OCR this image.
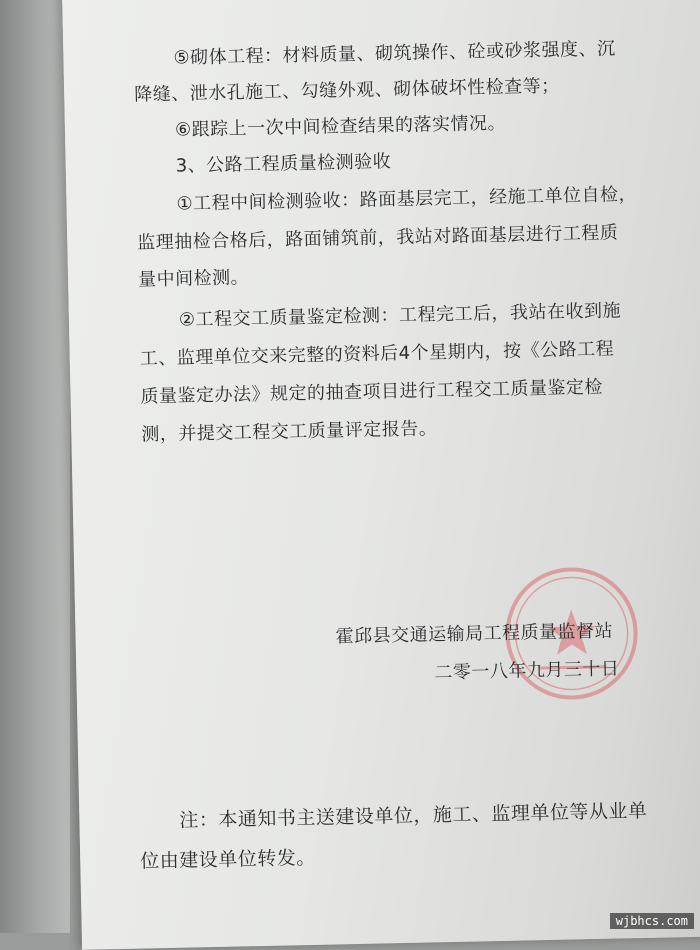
⑤砌体工程：材料质量、砌筑操作、砼或砂浆强度、沉
降缝、泄水孔施工、勾缝外观、砌体破坏性检查等；
⑥跟踪上一次中间检查结果的落实情况。
3、公路工程质量检测验收
①工程中间检测验收：路面基层完工，经施工单位自检，
监理抽检合格后，路面铺筑前，我站对路面基层进行工程质
量中间检测。
②工程交工质量鉴定检测：工程完工后，我站在收到施
工、监理单位交来完整的资料后4个星期内，按《公路工程
质量鉴定办法》规定的抽查项目进行工程交工质量鉴定检
测，并提交工程交工质量评定报告。
霍邱县交通运输局工程质量监督站
二零一八年九月三十日
注：本通知书主送建设单位，施工、监理单位等从业单
位由建设单位转发。
wjbhcs.com
